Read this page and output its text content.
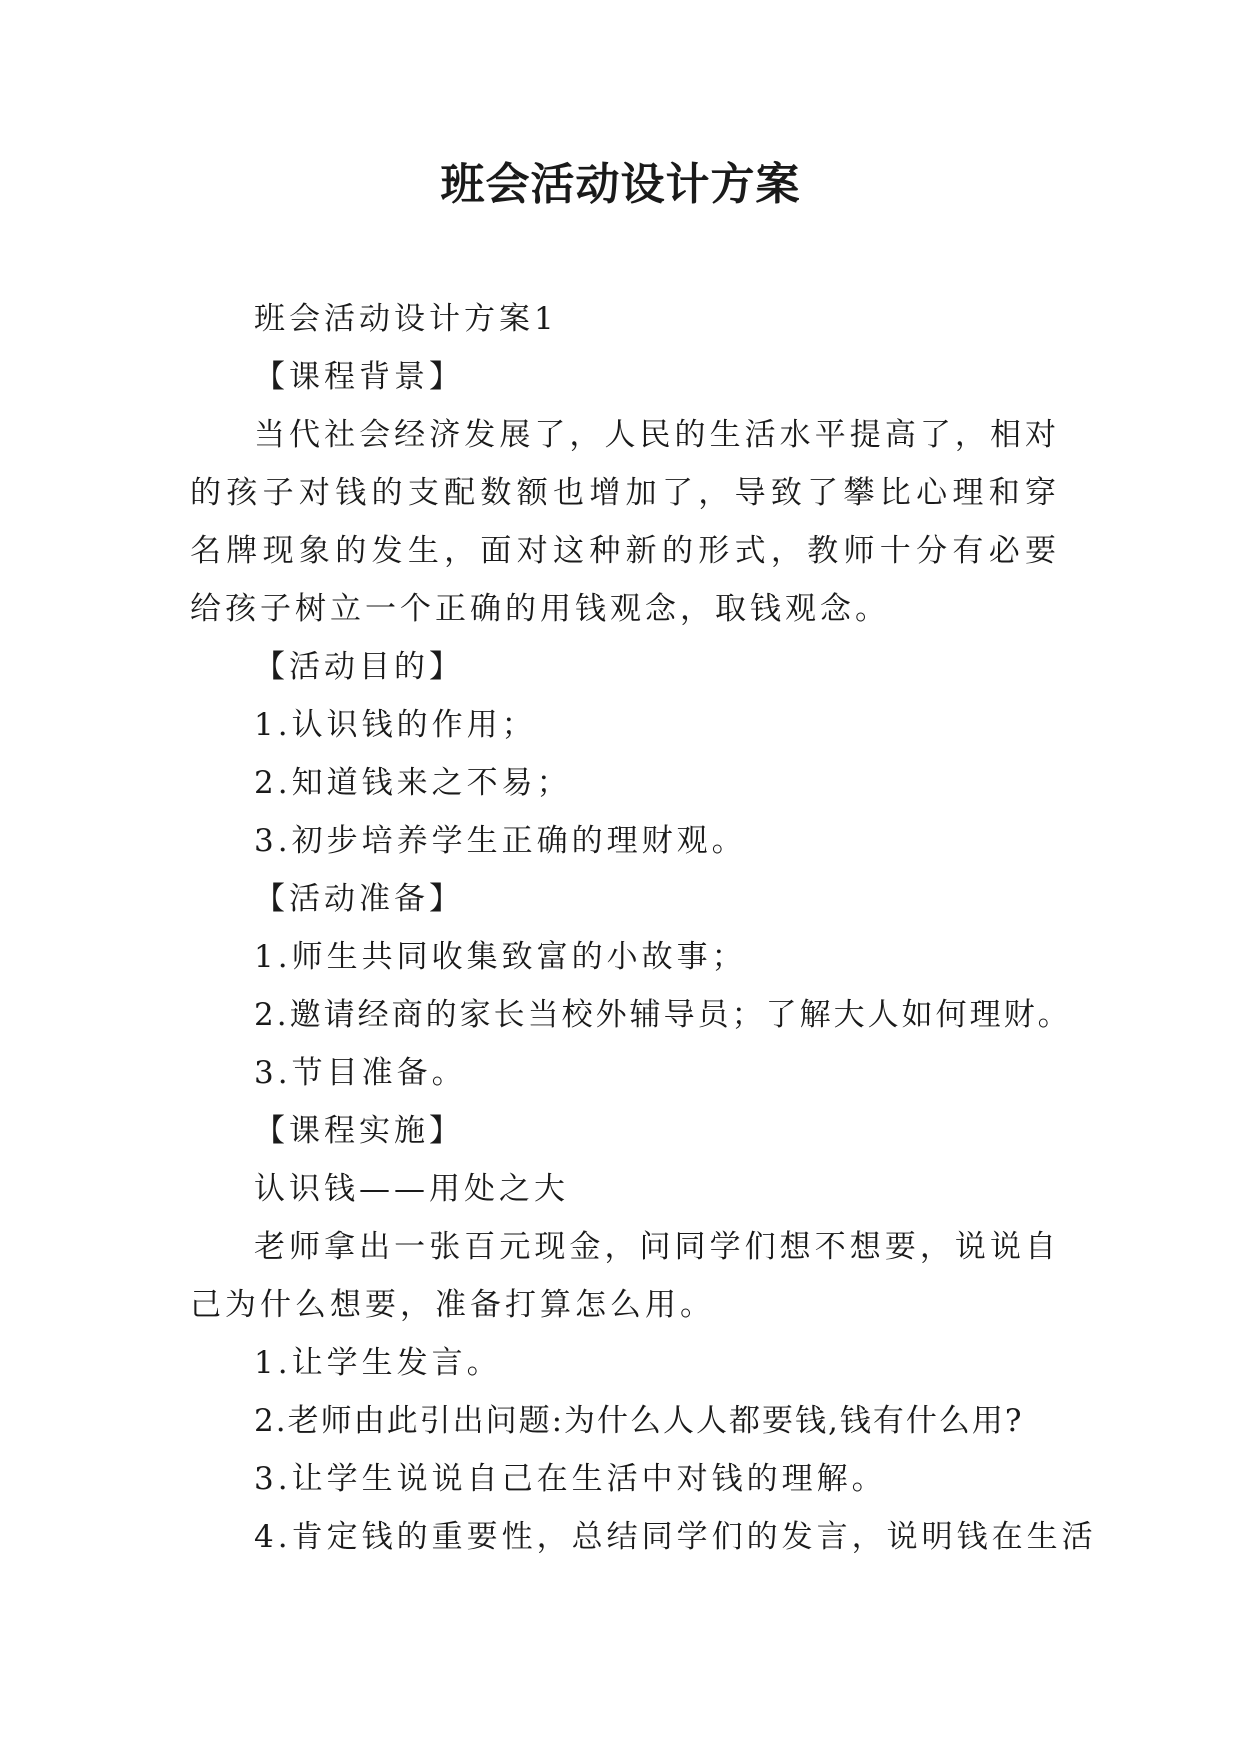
班会活动设计方案
班会活动设计方案1
【课程背景】
当代社会经济发展了，人民的生活水平提高了，相对的孩子对钱的支配数额也增加了，导致了攀比心理和穿名牌现象的发生，面对这种新的形式，教师十分有必要给孩子树立一个正确的用钱观念，取钱观念。
【活动目的】
1.认识钱的作用；
2.知道钱来之不易；
3.初步培养学生正确的理财观。
【活动准备】
1.师生共同收集致富的小故事；
2.邀请经商的家长当校外辅导员；了解大人如何理财。
3.节目准备。
【课程实施】
认识钱——用处之大
老师拿出一张百元现金，问同学们想不想要，说说自己为什么想要，准备打算怎么用。
1.让学生发言。
2.老师由此引出问题:为什么人人都要钱,钱有什么用?
3.让学生说说自己在生活中对钱的理解。
4.肯定钱的重要性，总结同学们的发言，说明钱在生活
